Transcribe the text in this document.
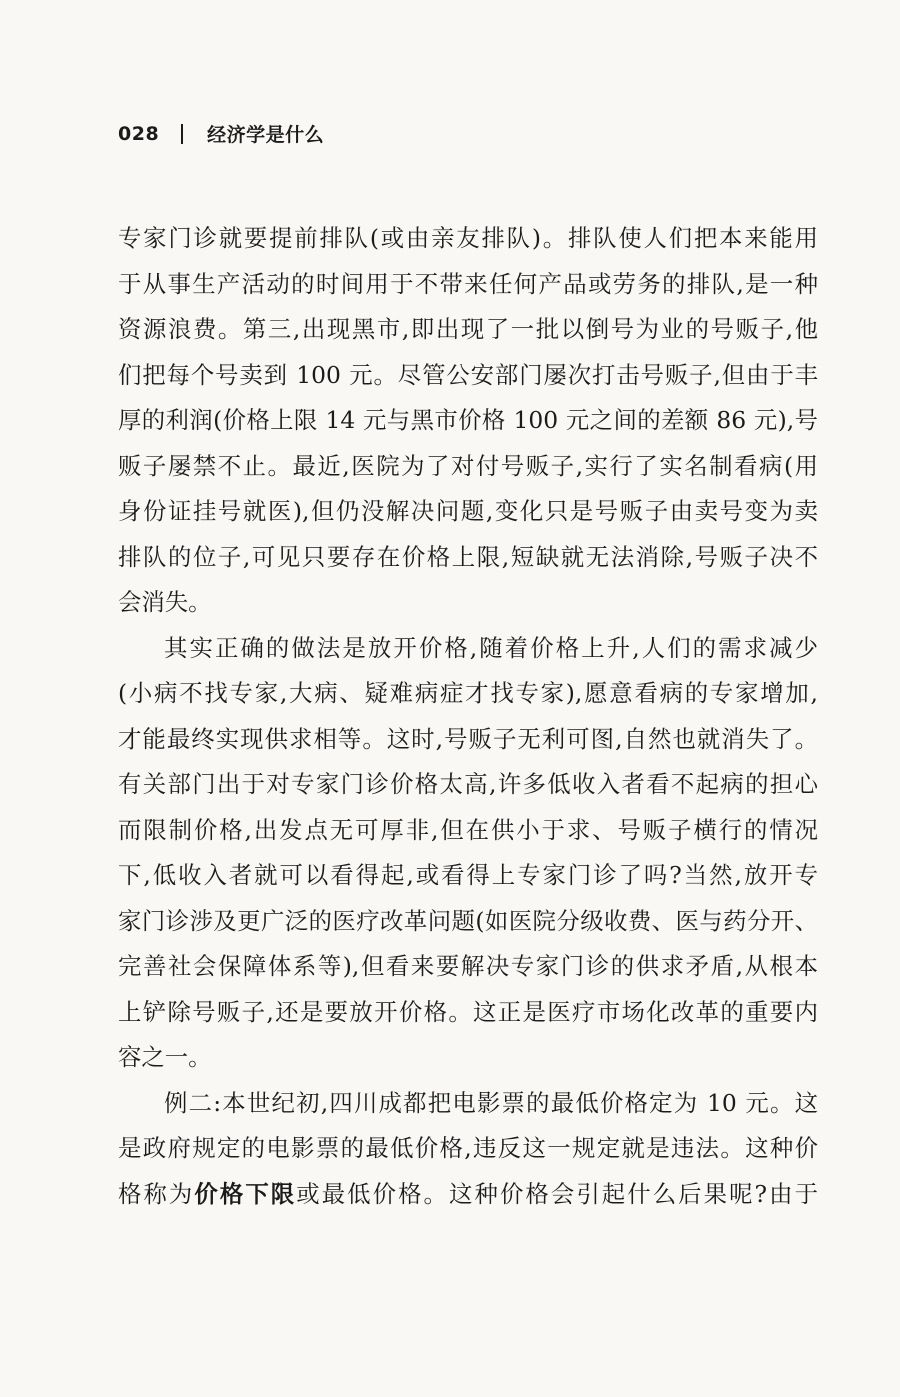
028	经济学是什么
专家门诊就要提前排队(或由亲友排队)。排队使人们把本来能用
于从事生产活动的时间用于不带来任何产品或劳务的排队,是一种
资源浪费。第三,出现黑市,即出现了一批以倒号为业的号贩子,他
们把每个号卖到 100 元。尽管公安部门屡次打击号贩子,但由于丰
厚的利润(价格上限 14 元与黑市价格 100 元之间的差额 86 元),号
贩子屡禁不止。最近,医院为了对付号贩子,实行了实名制看病(用
身份证挂号就医),但仍没解决问题,变化只是号贩子由卖号变为卖
排队的位子,可见只要存在价格上限,短缺就无法消除,号贩子决不
会消失。
其实正确的做法是放开价格,随着价格上升,人们的需求减少
(小病不找专家,大病、疑难病症才找专家),愿意看病的专家增加,
才能最终实现供求相等。这时,号贩子无利可图,自然也就消失了。
有关部门出于对专家门诊价格太高,许多低收入者看不起病的担心
而限制价格,出发点无可厚非,但在供小于求、号贩子横行的情况
下,低收入者就可以看得起,或看得上专家门诊了吗?当然,放开专
家门诊涉及更广泛的医疗改革问题(如医院分级收费、医与药分开、
完善社会保障体系等),但看来要解决专家门诊的供求矛盾,从根本
上铲除号贩子,还是要放开价格。这正是医疗市场化改革的重要内
容之一。
例二:本世纪初,四川成都把电影票的最低价格定为 10 元。这
是政府规定的电影票的最低价格,违反这一规定就是违法。这种价
格称为价格下限或最低价格。这种价格会引起什么后果呢?由于
